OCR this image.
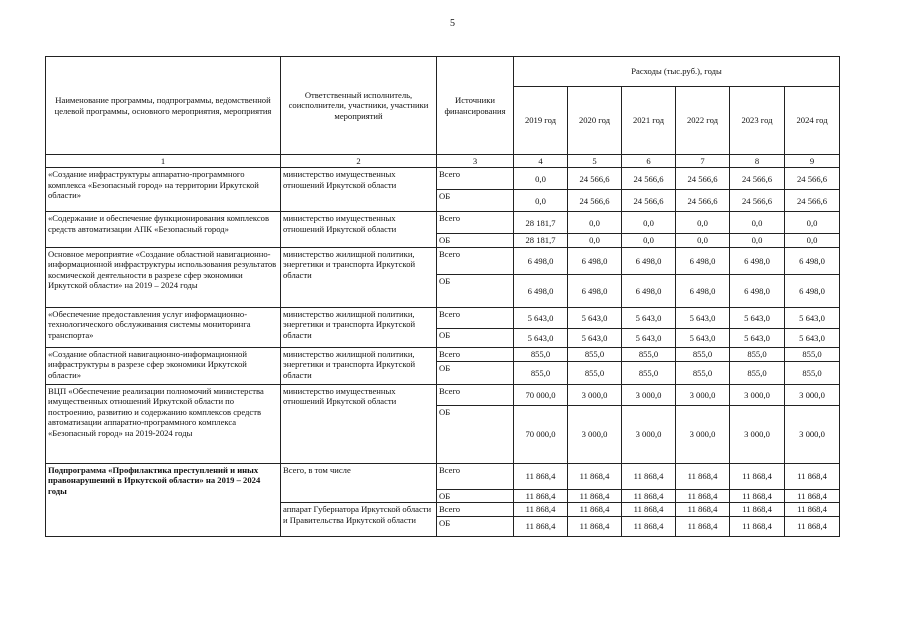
5
Наименование программы, подпрограммы, ведомственной целевой программы, основного мероприятия, мероприятия	Ответственный исполнитель, соисполнители, участники, участники мероприятий	Источники финансирования	Расходы (тыс.руб.), годы					
			2019 год	2020 год	2021 год	2022 год	2023 год	2024 год
1	2	3	4	5	6	7	8	9
«Создание инфраструктуры аппаратно-программного комплекса «Безопасный город» на территории Иркутской области»	министерство имущественных отношений Иркутской области	Всего	0,0	24 566,6	24 566,6	24 566,6	24 566,6	24 566,6
		ОБ	0,0	24 566,6	24 566,6	24 566,6	24 566,6	24 566,6
«Содержание и обеспечение функционирования комплексов средств автоматизации АПК «Безопасный город»	министерство имущественных отношений Иркутской области	Всего	28 181,7	0,0	0,0	0,0	0,0	0,0
		ОБ	28 181,7	0,0	0,0	0,0	0,0	0,0
Основное мероприятие «Создание областной навигационно-информационной инфраструктуры использования результатов космической деятельности в разрезе сфер экономики Иркутской области» на 2019 – 2024 годы	министерство жилищной политики, энергетики и транспорта Иркутской области	Всего	6 498,0	6 498,0	6 498,0	6 498,0	6 498,0	6 498,0
		ОБ	6 498,0	6 498,0	6 498,0	6 498,0	6 498,0	6 498,0
«Обеспечение предоставления услуг информационно-технологического обслуживания системы мониторинга транспорта»	министерство жилищной политики, энергетики и транспорта Иркутской области	Всего	5 643,0	5 643,0	5 643,0	5 643,0	5 643,0	5 643,0
		ОБ	5 643,0	5 643,0	5 643,0	5 643,0	5 643,0	5 643,0
«Создание областной навигационно-информационной инфраструктуры в разрезе сфер экономики Иркутской области»	министерство жилищной политики, энергетики и транспорта Иркутской области	Всего	855,0	855,0	855,0	855,0	855,0	855,0
		ОБ	855,0	855,0	855,0	855,0	855,0	855,0
ВЦП «Обеспечение реализации полномочий министерства имущественных отношений Иркутской области по построению, развитию и содержанию комплексов средств автоматизации аппаратно-программного комплекса «Безопасный город» на 2019-2024 годы	министерство имущественных отношений Иркутской области	Всего	70 000,0	3 000,0	3 000,0	3 000,0	3 000,0	3 000,0
		ОБ	70 000,0	3 000,0	3 000,0	3 000,0	3 000,0	3 000,0
Подпрограмма «Профилактика преступлений и иных правонарушений в Иркутской области» на 2019 – 2024 годы	Всего, в том числе	Всего	11 868,4	11 868,4	11 868,4	11 868,4	11 868,4	11 868,4
		ОБ	11 868,4	11 868,4	11 868,4	11 868,4	11 868,4	11 868,4
	аппарат Губернатора Иркутской области и Правительства Иркутской области	Всего	11 868,4	11 868,4	11 868,4	11 868,4	11 868,4	11 868,4
		ОБ	11 868,4	11 868,4	11 868,4	11 868,4	11 868,4	11 868,4
